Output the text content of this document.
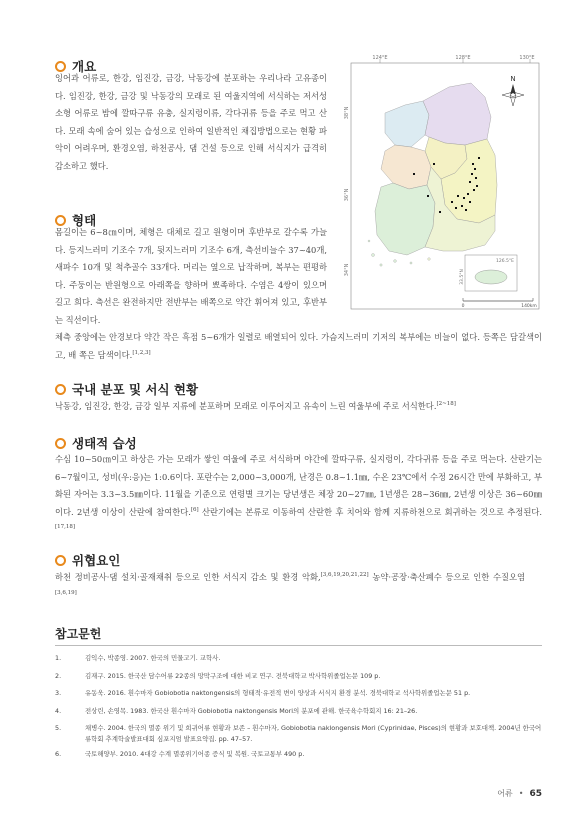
개요

잉어과 어류로, 한강, 임진강, 금강, 낙동강에 분포하는 우리나라 고유종이다. 임진강, 한강, 금강 및 낙동강의 모래로 된 여울지역에 서식하는 저서성 소형 어류로 밤에 깔따구류 유충, 실지렁이류, 각다귀류 등을 주로 먹고 산다. 모래 속에 숨어 있는 습성으로 인하여 일반적인 채집방법으로는 현황 파악이 어려우며, 환경오염, 하천공사, 댐 건설 등으로 인해 서식지가 급격히 감소하고 했다.

형태

몸길이는 6~8㎝이며, 체형은 대체로 길고 원형이며 후반부로 갈수록 가늘다. 등지느러미 기조수 7개, 뒷지느러미 기조수 6개, 측선비늘수 37~40개, 새파수 10개 및 척추골수 33개다. 머리는 옆으로 납작하며, 복부는 편평하다. 주둥이는 반원형으로 아래쪽을 향하며 뾰족하다. 수염은 4쌍이 있으며 길고 희다. 측선은 완전하지만 전반부는 배쪽으로 약간 휘어져 있고, 후반부는 직선이다.

체측 중앙에는 안경보다 약간 작은 흑점 5~6개가 일렬로 배열되어 있다. 가슴지느러미 기저의 복부에는 비늘이 없다. 등쪽은 담갈색이고, 배 쪽은 담색이다.[1,2,3]

국내 분포 및 서식 현황

낙동강, 임진강, 한강, 금강 일부 지류에 분포하며 모래로 이루어지고 유속이 느린 여울부에 주로 서식한다.[2~18]

생태적 습성

수심 10~50㎝이고 하상은 가는 모래가 쌓인 여울에 주로 서식하며 야간에 깔따구류, 실지렁이, 각다귀류 등을 주로 먹는다. 산란기는 6~7월이고, 성비(우:응)는 1:0.6이다. 포란수는 2,000~3,000개, 난경은 0.8~1.1㎜, 수온 23℃에서 수정 26시간 만에 부화하고, 부화된 자어는 3.3~3.5㎜이다. 11월을 기준으로 연령별 크기는 당년생은 체장 20~27㎜, 1년생은 28~36㎜, 2년생 이상은 36~60㎜이다. 2년생 이상이 산란에 참여한다.[6] 산란기에는 본류로 이동하여 산란한 후 치어와 함께 지류하천으로 회귀하는 것으로 추정된다.[17,18]

위협요인

하천 정비공사·댐 설치·골재채취 등으로 인한 서식지 감소 및 환경 악화,[3,6,19,20,21,22] 농약·공장·축산폐수 등으로 인한 수질오염[3,6,19]

참고문헌
1.	김익수, 박종영. 2007. 한국의 민물고기. 교학사.
2.	김재구. 2015. 한국산 담수어류 22종의 망막구조에 대한 비교 연구. 전북대학교 박사학위졸업논문 109 p.
3.	유동욱. 2016. 흰수마자 Gobiobotia naktongensis의 형태적·유전적 변이 양상과 서식지 환경 분석. 경북대학교 석사학위졸업논문 51 p.
4.	전상린, 손영목. 1983. 한국산 흰수마자 Gobiobotia naktongensis Mori의 분포에 관해. 한국육수학회지 16: 21–26.
5.	채병수. 2004. 한국의 멸종 위기 및 희귀어류 현황과 보존 – 흰수마자, Gobiobotia naklongensis Mori (Cyprinidae, Pisces)의 현황과 보호대책. 2004년 한국어류학회 추계학술발표대회 심포지엄 발표요약집. pp. 47–57.
6.	국토해양부. 2010. 4대강 수계 멸종위기어종 증식 및 복원. 국토교통부 490 p.
어류 • 65
124°E	128°E	130°E
38°N
36°N
34°N
N
126.5°E
33.5°N
0	140km
